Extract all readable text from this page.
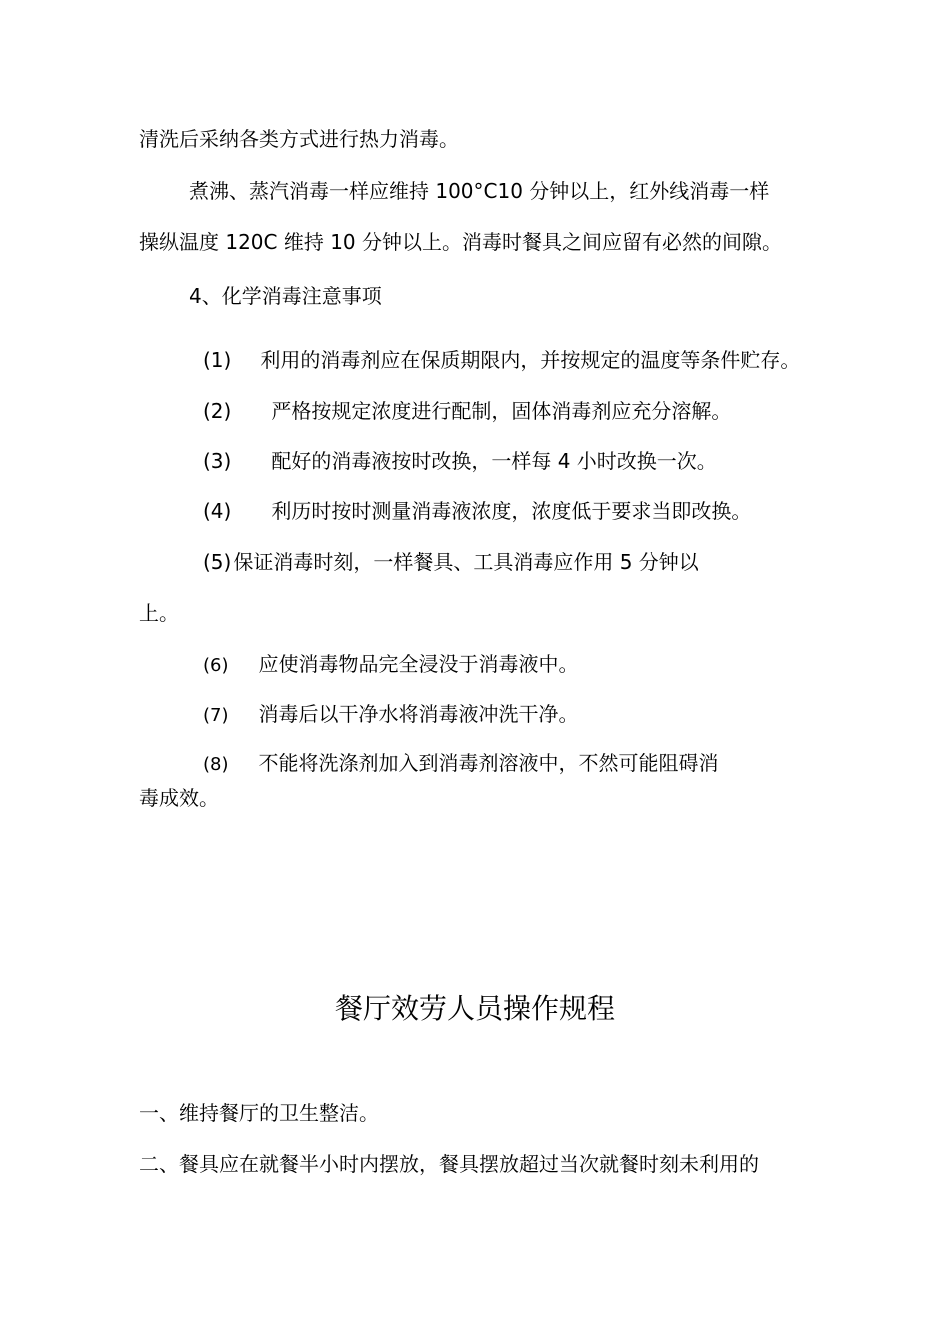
清洗后采纳各类方式进行热力消毒。

煮沸、蒸汽消毒一样应维持 100°C10 分钟以上，红外线消毒一样

操纵温度 120C 维持 10 分钟以上。消毒时餐具之间应留有必然的间隙。

4、化学消毒注意事项

(1) 利用的消毒剂应在保质期限内，并按规定的温度等条件贮存。

(2) 严格按规定浓度进行配制，固体消毒剂应充分溶解。

(3) 配好的消毒液按时改换，一样每 4 小时改换一次。

(4) 利历时按时测量消毒液浓度，浓度低于要求当即改换。

(5) 保证消毒时刻，一样餐具、工具消毒应作用 5 分钟以

上。

(6) 应使消毒物品完全浸没于消毒液中。

(7) 消毒后以干净水将消毒液冲洗干净。

(8) 不能将洗涤剂加入到消毒剂溶液中，不然可能阻碍消

毒成效。

餐厅效劳人员操作规程

一、维持餐厅的卫生整洁。

二、餐具应在就餐半小时内摆放，餐具摆放超过当次就餐时刻未利用的
